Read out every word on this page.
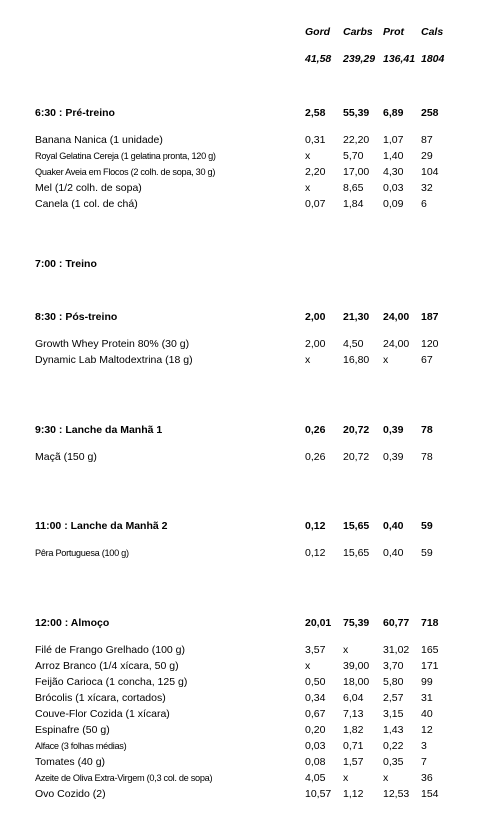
Gord Carbs Prot Cals
41,58 239,29 136,41 1804
6:30 : Pré-treino	2,58 55,39 6,89 258
Banana Nanica (1 unidade)	0,31 22,20 1,07 87
Royal Gelatina Cereja (1 gelatina pronta, 120 g)	x	5,70 1,40 29
Quaker Aveia em Flocos (2 colh. de sopa, 30 g)	2,20 17,00 4,30 104
Mel (1/2 colh. de sopa)	x	8,65 0,03 32
Canela (1 col. de chá)	0,07 1,84 0,09 6
7:00 : Treino
8:30 : Pós-treino	2,00 21,30 24,00 187
Growth Whey Protein 80% (30 g)	2,00 4,50 24,00 120
Dynamic Lab Maltodextrina (18 g)	x	16,80 x	67
9:30 : Lanche da Manhã 1	0,26 20,72 0,39 78
Maçã (150 g)	0,26 20,72 0,39 78
11:00 : Lanche da Manhã 2	0,12 15,65 0,40 59
Pêra Portuguesa (100 g)	0,12 15,65 0,40 59
12:00 : Almoço	20,01 75,39 60,77 718
Filé de Frango Grelhado (100 g)	3,57 x	31,02 165
Arroz Branco (1/4 xícara, 50 g)	x	39,00 3,70 171
Feijão Carioca (1 concha, 125 g)	0,50 18,00 5,80 99
Brócolis (1 xícara, cortados)	0,34 6,04 2,57 31
Couve-Flor Cozida (1 xícara)	0,67 7,13 3,15 40
Espinafre (50 g)	0,20 1,82 1,43 12
Alface (3 folhas médias)	0,03 0,71 0,22 3
Tomates (40 g)	0,08 1,57 0,35 7
Azeite de Oliva Extra-Virgem (0,3 col. de sopa)	4,05 x	x	36
Ovo Cozido (2)	10,57 1,12 12,53 154
